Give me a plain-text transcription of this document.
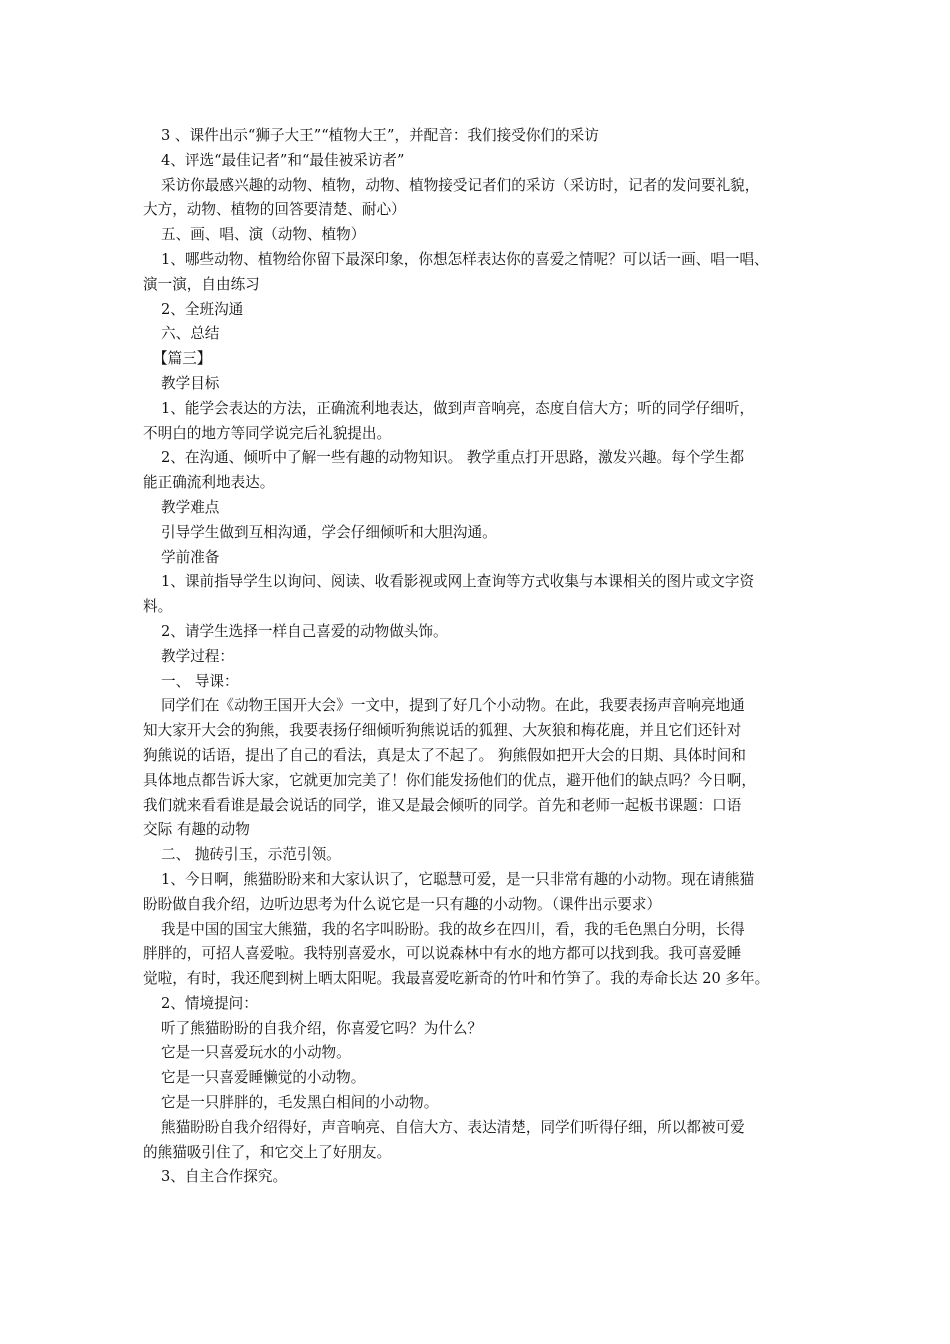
3 、课件出示“狮子大王”“植物大王”，并配音：我们接受你们的采访

4、评选“最佳记者”和“最佳被采访者”

采访你最感兴趣的动物、植物，动物、植物接受记者们的采访（采访时，记者的发问要礼貌，

大方，动物、植物的回答要清楚、耐心）

五、画、唱、演（动物、植物）

1、哪些动物、植物给你留下最深印象，你想怎样表达你的喜爱之情呢？可以话一画、唱一唱、

演一演，自由练习

2、全班沟通

六、总结

【篇三】

教学目标

1、能学会表达的方法，正确流利地表达，做到声音响亮，态度自信大方；听的同学仔细听，

不明白的地方等同学说完后礼貌提出。

2、在沟通、倾听中了解一些有趣的动物知识。 教学重点打开思路，激发兴趣。每个学生都

能正确流利地表达。

教学难点

引导学生做到互相沟通，学会仔细倾听和大胆沟通。

学前准备

1、课前指导学生以询问、阅读、收看影视或网上查询等方式收集与本课相关的图片或文字资

料。

2、请学生选择一样自己喜爱的动物做头饰。

教学过程：

一、 导课：

同学们在《动物王国开大会》一文中，提到了好几个小动物。在此，我要表扬声音响亮地通

知大家开大会的狗熊，我要表扬仔细倾听狗熊说话的狐狸、大灰狼和梅花鹿，并且它们还针对

狗熊说的话语，提出了自己的看法，真是太了不起了。 狗熊假如把开大会的日期、具体时间和

具体地点都告诉大家，它就更加完美了！你们能发扬他们的优点，避开他们的缺点吗？今日啊，

我们就来看看谁是最会说话的同学，谁又是最会倾听的同学。首先和老师一起板书课题：口语

交际 有趣的动物

二、 抛砖引玉，示范引领。

1、今日啊，熊猫盼盼来和大家认识了，它聪慧可爱，是一只非常有趣的小动物。现在请熊猫

盼盼做自我介绍，边听边思考为什么说它是一只有趣的小动物。（课件出示要求）

我是中国的国宝大熊猫，我的名字叫盼盼。我的故乡在四川，看，我的毛色黑白分明，长得

胖胖的，可招人喜爱啦。我特别喜爱水，可以说森林中有水的地方都可以找到我。我可喜爱睡

觉啦，有时，我还爬到树上晒太阳呢。我最喜爱吃新奇的竹叶和竹笋了。我的寿命长达 20 多年。

2、情境提问：

听了熊猫盼盼的自我介绍，你喜爱它吗？为什么？

它是一只喜爱玩水的小动物。

它是一只喜爱睡懒觉的小动物。

它是一只胖胖的，毛发黑白相间的小动物。

熊猫盼盼自我介绍得好，声音响亮、自信大方、表达清楚，同学们听得仔细，所以都被可爱

的熊猫吸引住了，和它交上了好朋友。

3、自主合作探究。
